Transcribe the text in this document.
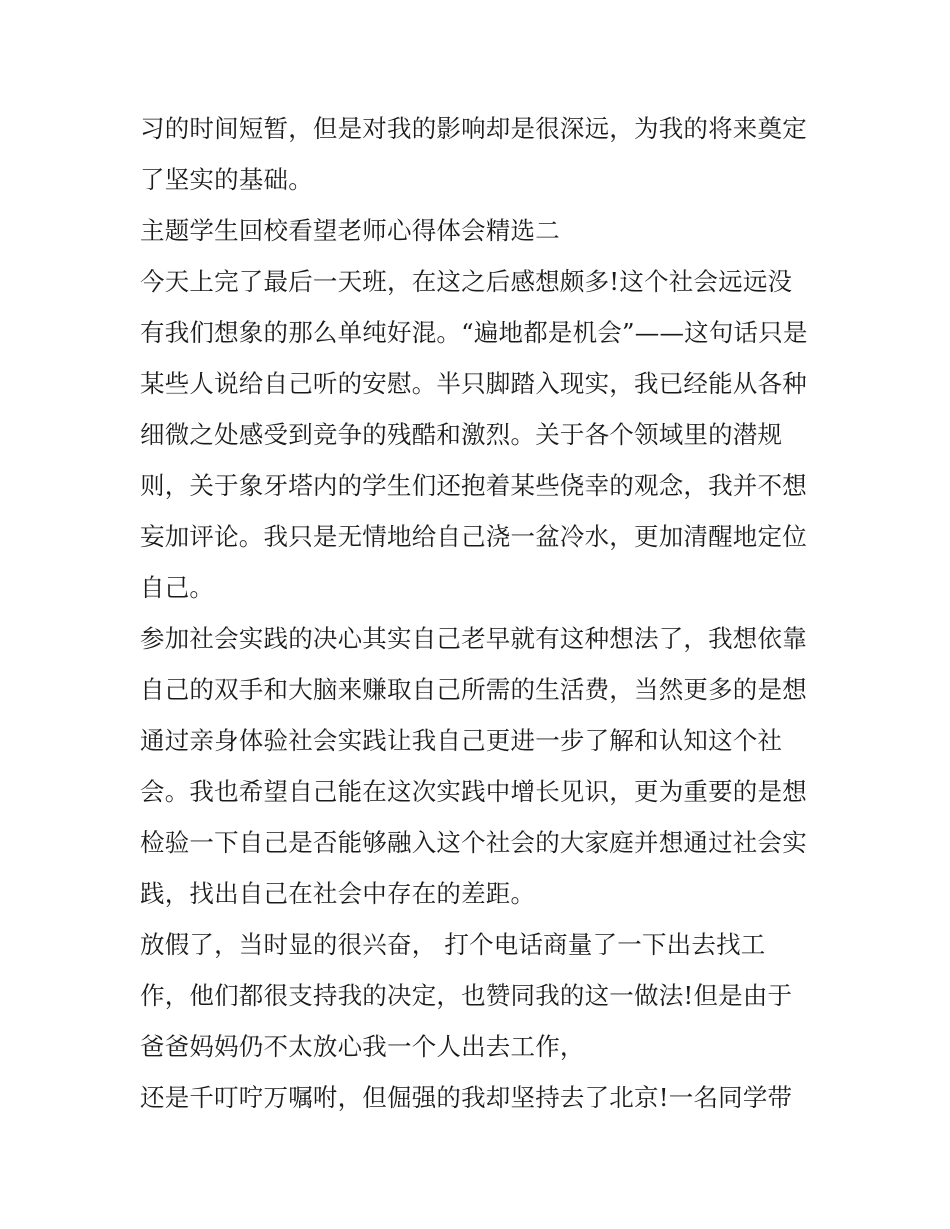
习的时间短暂，但是对我的影响却是很深远，为我的将来奠定
了坚实的基础。
主题学生回校看望老师心得体会精选二
今天上完了最后一天班，在这之后感想颇多!这个社会远远没
有我们想象的那么单纯好混。“遍地都是机会”——这句话只是
某些人说给自己听的安慰。半只脚踏入现实，我已经能从各种
细微之处感受到竞争的残酷和激烈。关于各个领域里的潜规
则，关于象牙塔内的学生们还抱着某些侥幸的观念，我并不想
妄加评论。我只是无情地给自己浇一盆冷水，更加清醒地定位
自己。
参加社会实践的决心其实自己老早就有这种想法了，我想依靠
自己的双手和大脑来赚取自己所需的生活费，当然更多的是想
通过亲身体验社会实践让我自己更进一步了解和认知这个社
会。我也希望自己能在这次实践中增长见识，更为重要的是想
检验一下自己是否能够融入这个社会的大家庭并想通过社会实
践，找出自己在社会中存在的差距。
放假了，当时显的很兴奋， 打个电话商量了一下出去找工
作，他们都很支持我的决定，也赞同我的这一做法!但是由于
爸爸妈妈仍不太放心我一个人出去工作，
还是千叮咛万嘱咐，但倔强的我却坚持去了北京!一名同学带
